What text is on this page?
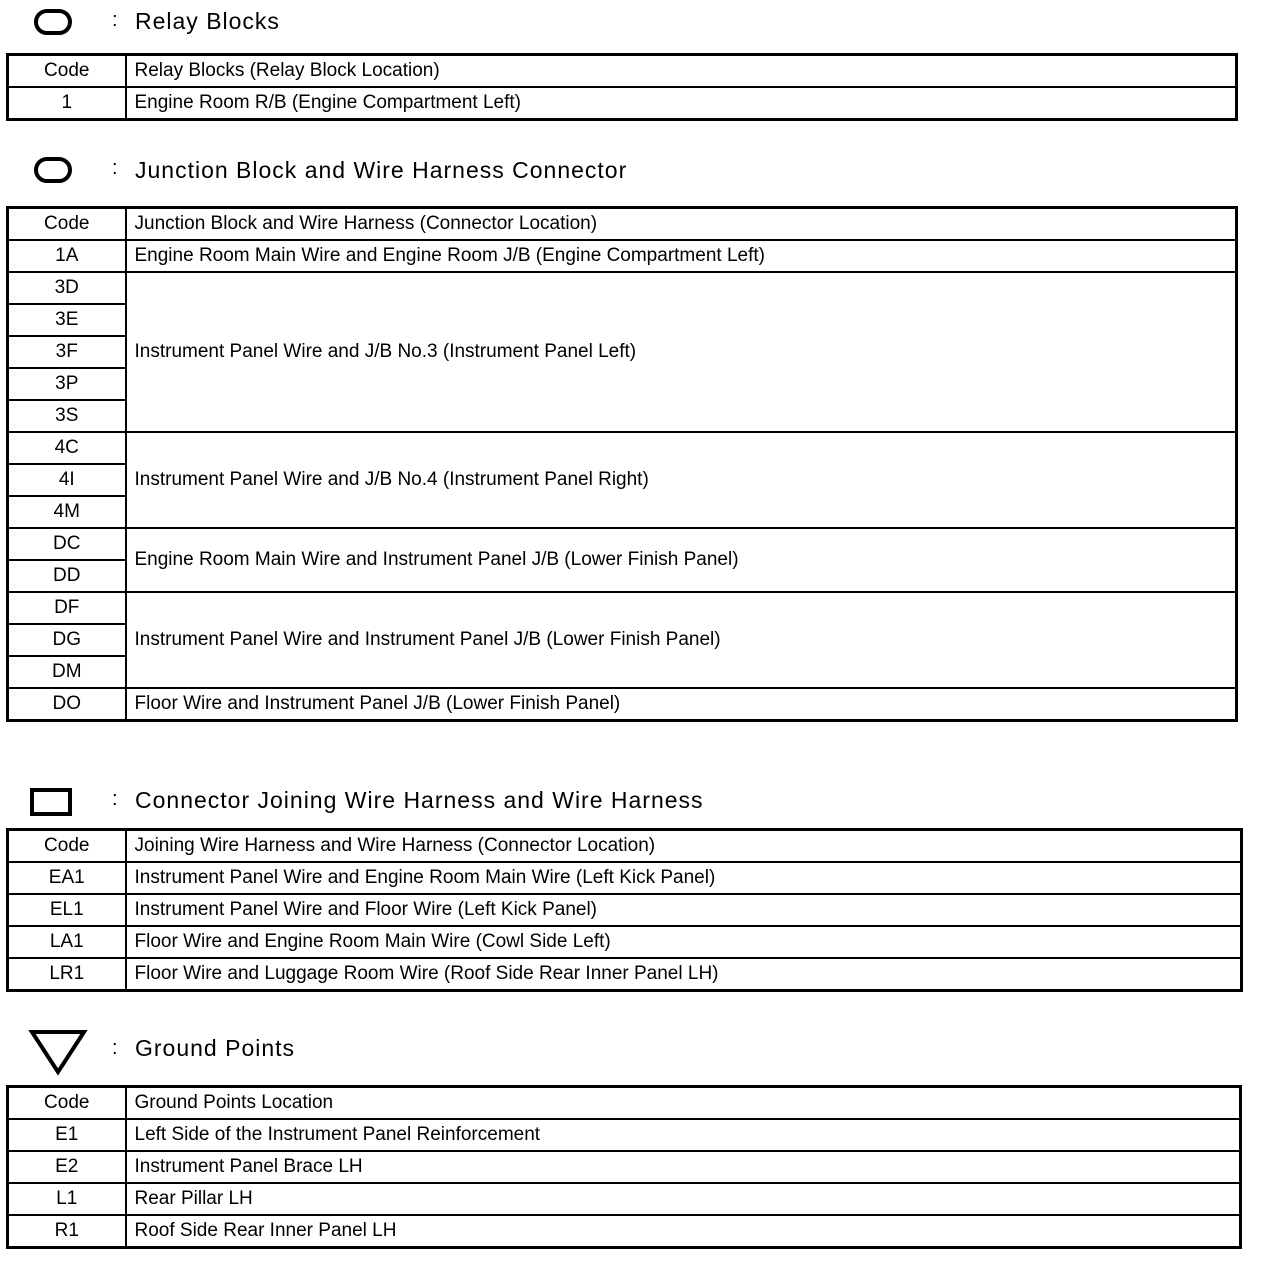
: Relay Blocks
Code	Relay Blocks (Relay Block Location)
1	Engine Room R/B (Engine Compartment Left)
: Junction Block and Wire Harness Connector
Code	Junction Block and Wire Harness (Connector Location)
1A	Engine Room Main Wire and Engine Room J/B (Engine Compartment Left)
3D	Instrument Panel Wire and J/B No.3 (Instrument Panel Left)
3E	
3F	
3P	
3S	
4C	Instrument Panel Wire and J/B No.4 (Instrument Panel Right)
4I	
4M	
DC	Engine Room Main Wire and Instrument Panel J/B (Lower Finish Panel)
DD	
DF	Instrument Panel Wire and Instrument Panel J/B (Lower Finish Panel)
DG	
DM	
DO	Floor Wire and Instrument Panel J/B (Lower Finish Panel)
: Connector Joining Wire Harness and Wire Harness
Code	Joining Wire Harness and Wire Harness (Connector Location)
EA1	Instrument Panel Wire and Engine Room Main Wire (Left Kick Panel)
EL1	Instrument Panel Wire and Floor Wire (Left Kick Panel)
LA1	Floor Wire and Engine Room Main Wire (Cowl Side Left)
LR1	Floor Wire and Luggage Room Wire (Roof Side Rear Inner Panel LH)
: Ground Points
Code	Ground Points Location
E1	Left Side of the Instrument Panel Reinforcement
E2	Instrument Panel Brace LH
L1	Rear Pillar LH
R1	Roof Side Rear Inner Panel LH
